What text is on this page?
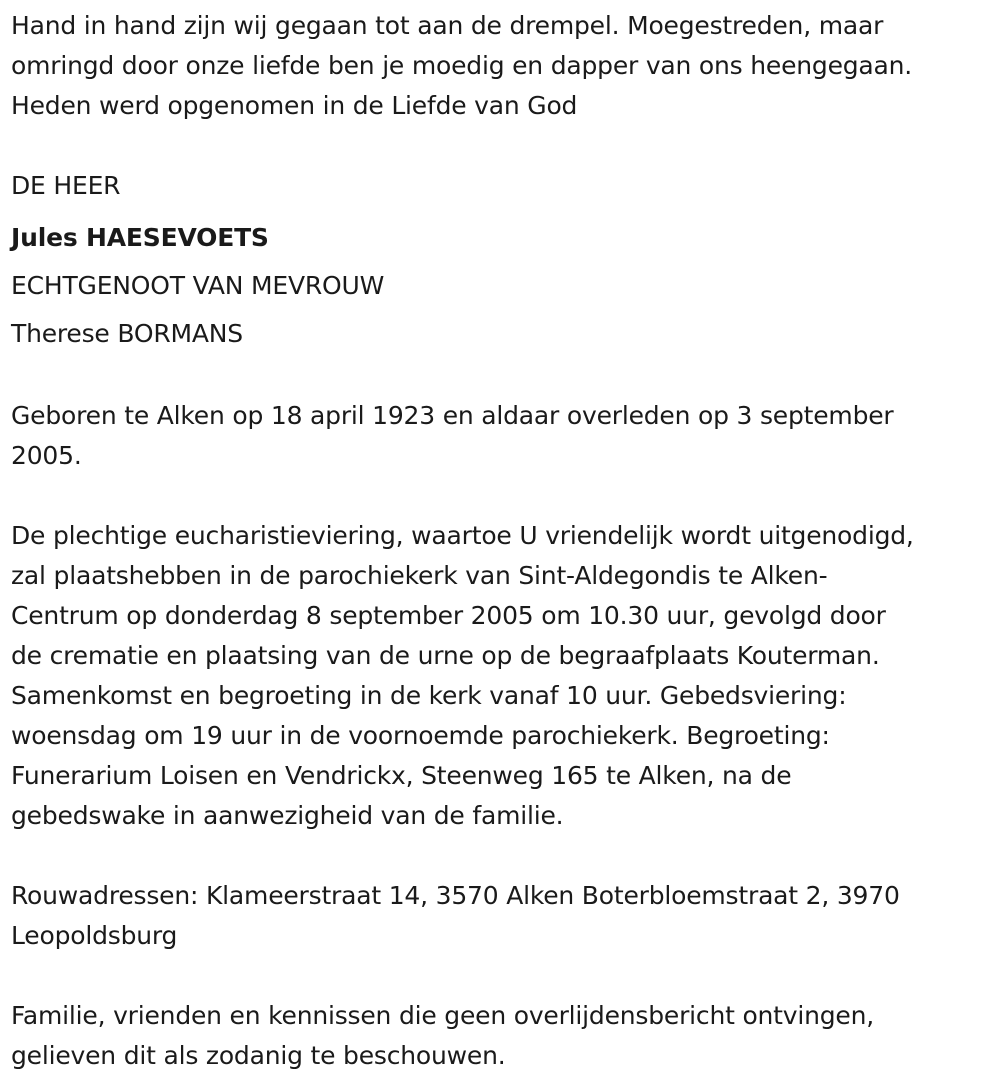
Hand in hand zijn wij gegaan tot aan de drempel. Moegestreden, maar

omringd door onze liefde ben je moedig en dapper van ons heengegaan.

Heden werd opgenomen in de Liefde van God

DE HEER

Jules HAESEVOETS

ECHTGENOOT VAN MEVROUW

Therese BORMANS

Geboren te Alken op 18 april 1923 en aldaar overleden op 3 september

2005.

De plechtige eucharistieviering, waartoe U vriendelijk wordt uitgenodigd,

zal plaatshebben in de parochiekerk van Sint-Aldegondis te Alken-

Centrum op donderdag 8 september 2005 om 10.30 uur, gevolgd door

de crematie en plaatsing van de urne op de begraafplaats Kouterman.

Samenkomst en begroeting in de kerk vanaf 10 uur. Gebedsviering:

woensdag om 19 uur in de voornoemde parochiekerk. Begroeting:

Funerarium Loisen en Vendrickx, Steenweg 165 te Alken, na de

gebedswake in aanwezigheid van de familie.

Rouwadressen: Klameerstraat 14, 3570 Alken Boterbloemstraat 2, 3970

Leopoldsburg

Familie, vrienden en kennissen die geen overlijdensbericht ontvingen,

gelieven dit als zodanig te beschouwen.
